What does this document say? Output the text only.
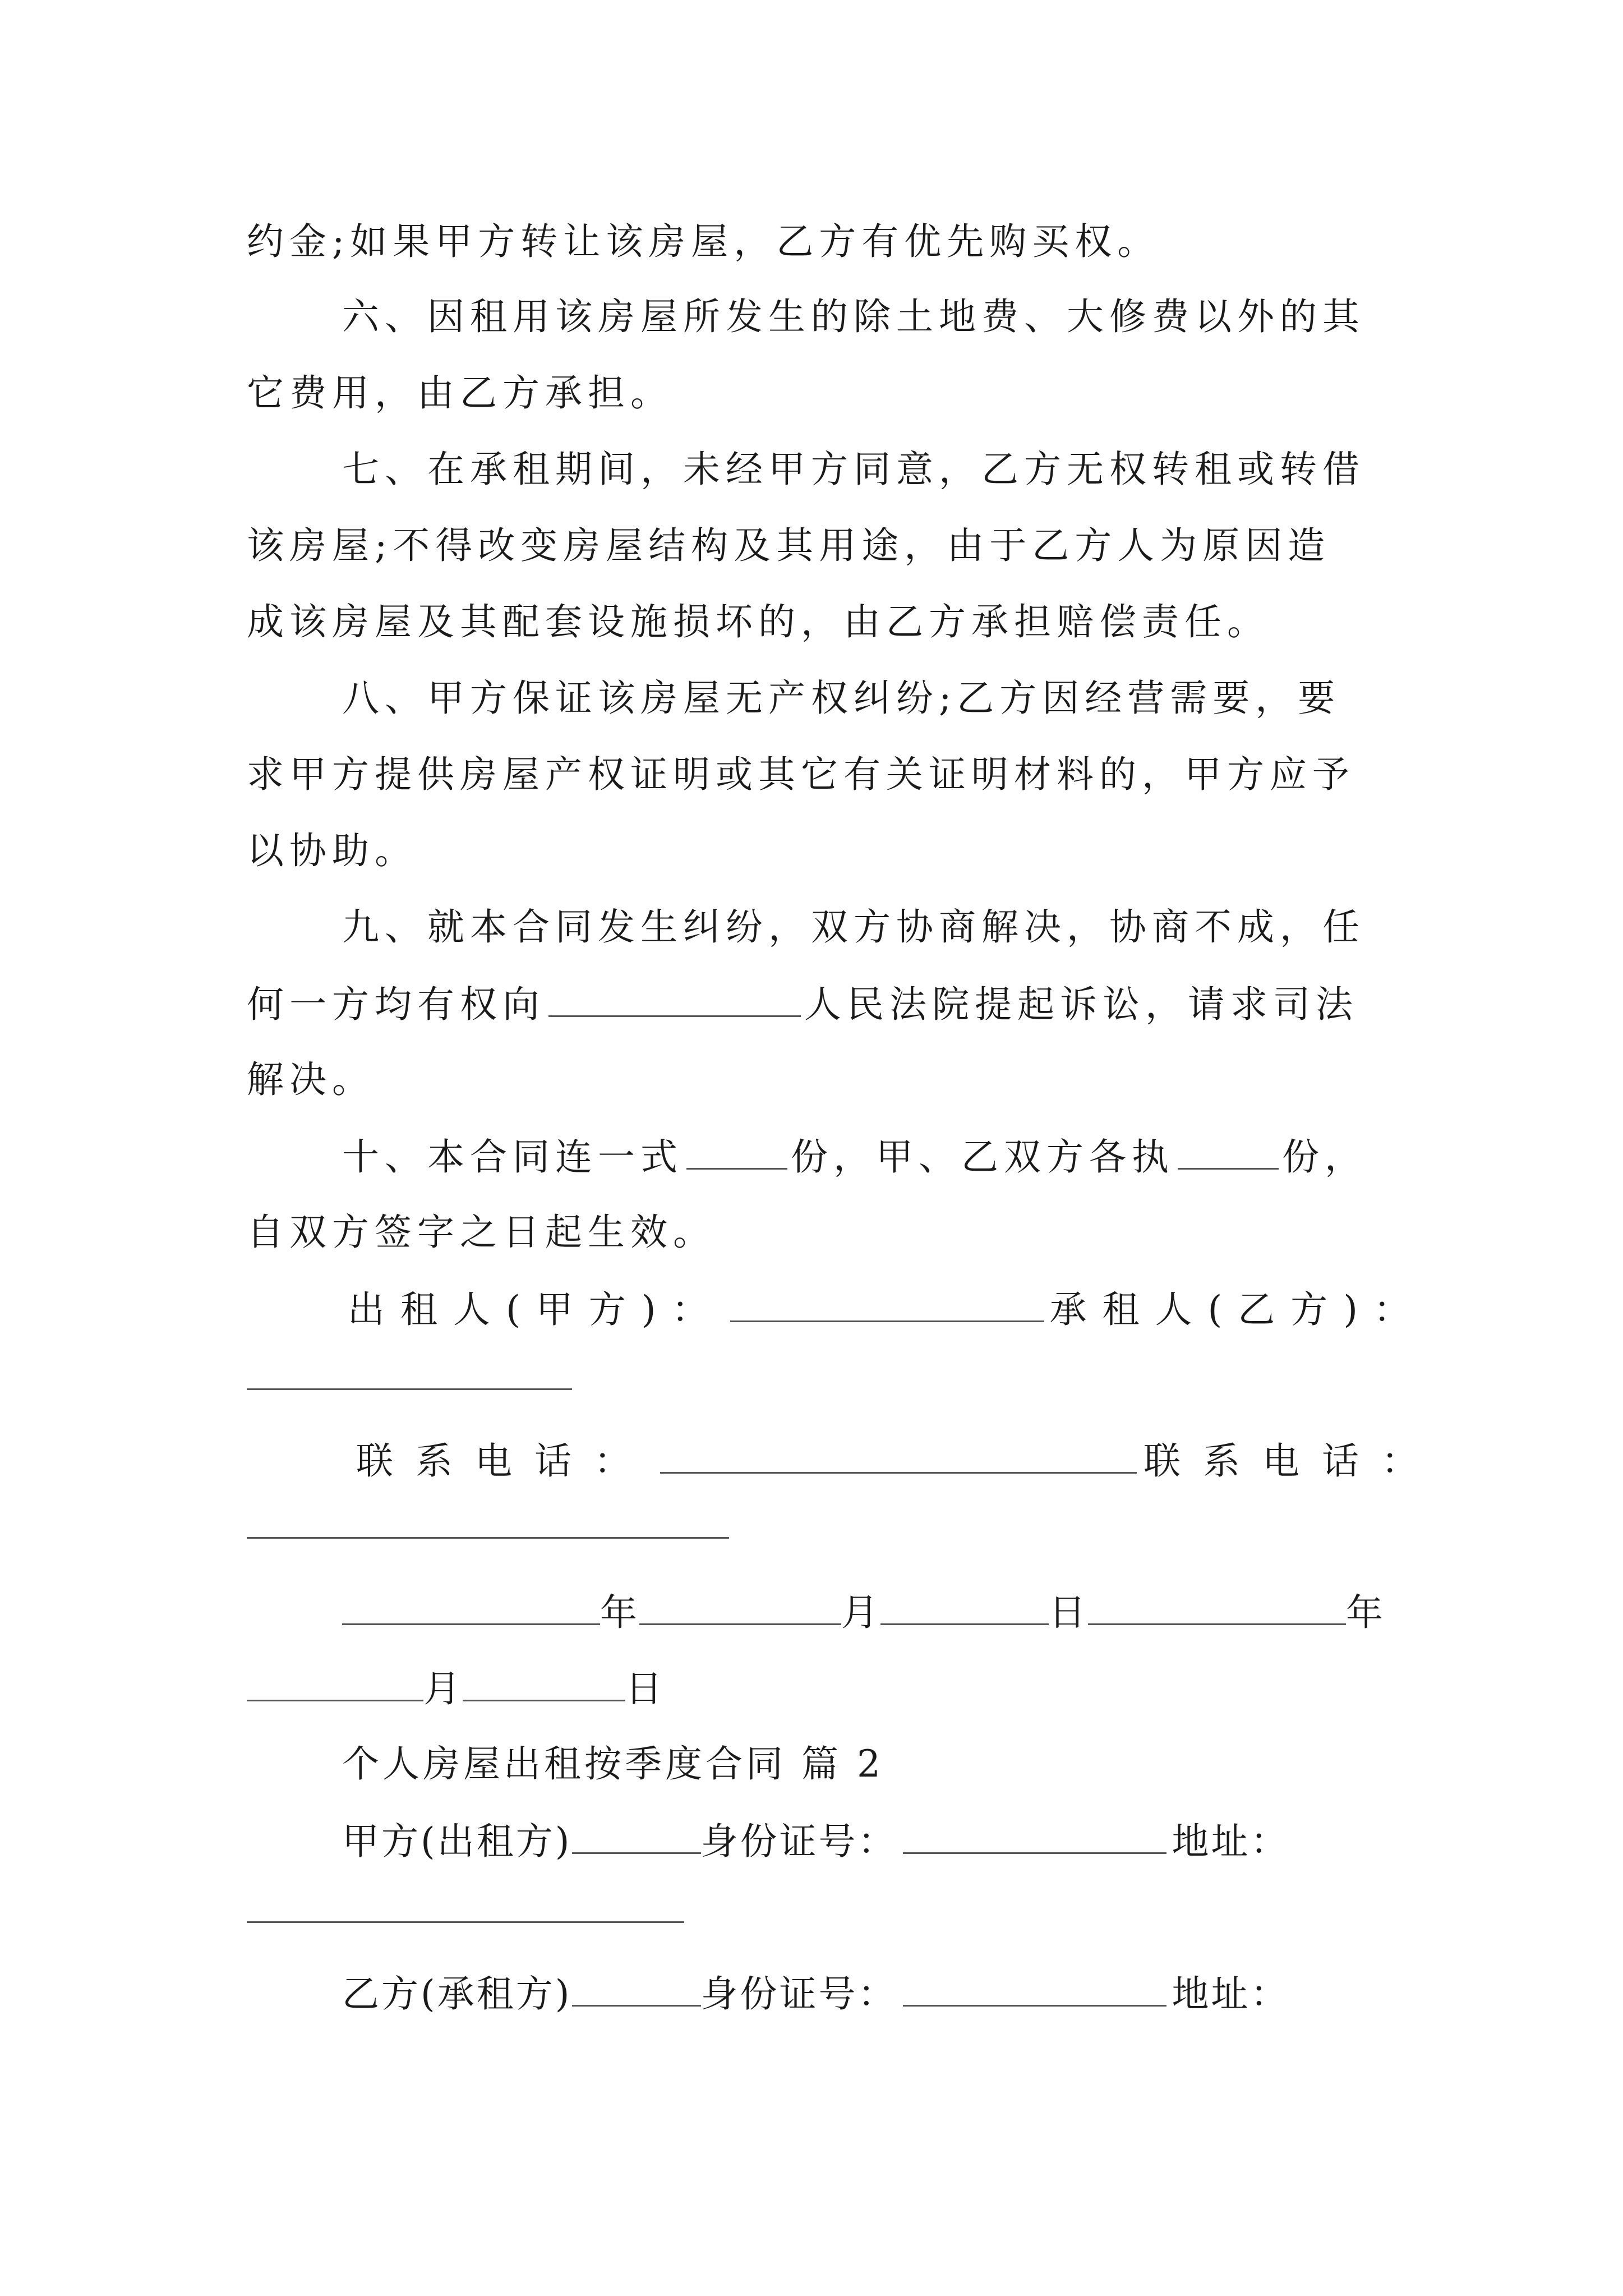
约金;如果甲方转让该房屋，乙方有优先购买权。
六、因租用该房屋所发生的除土地费、大修费以外的其
它费用，由乙方承担。
七、在承租期间，未经甲方同意，乙方无权转租或转借
该房屋;不得改变房屋结构及其用途，由于乙方人为原因造
成该房屋及其配套设施损坏的，由乙方承担赔偿责任。
八、甲方保证该房屋无产权纠纷;乙方因经营需要，要
求甲方提供房屋产权证明或其它有关证明材料的，甲方应予
以协助。
九、就本合同发生纠纷，双方协商解决，协商不成，任
何一方均有权向	人民法院提起诉讼，请求司法
解决。
十、本合同连一式	份，甲、乙双方各执	份，
自双方签字之日起生效。
出租人(甲方)：	承租人(乙方)：
联系电话：	联系电话：
年	月	日	年
月	日
个人房屋出租按季度合同 篇 2
甲方(出租方)	身份证号：	地址：
乙方(承租方)	身份证号：	地址：
